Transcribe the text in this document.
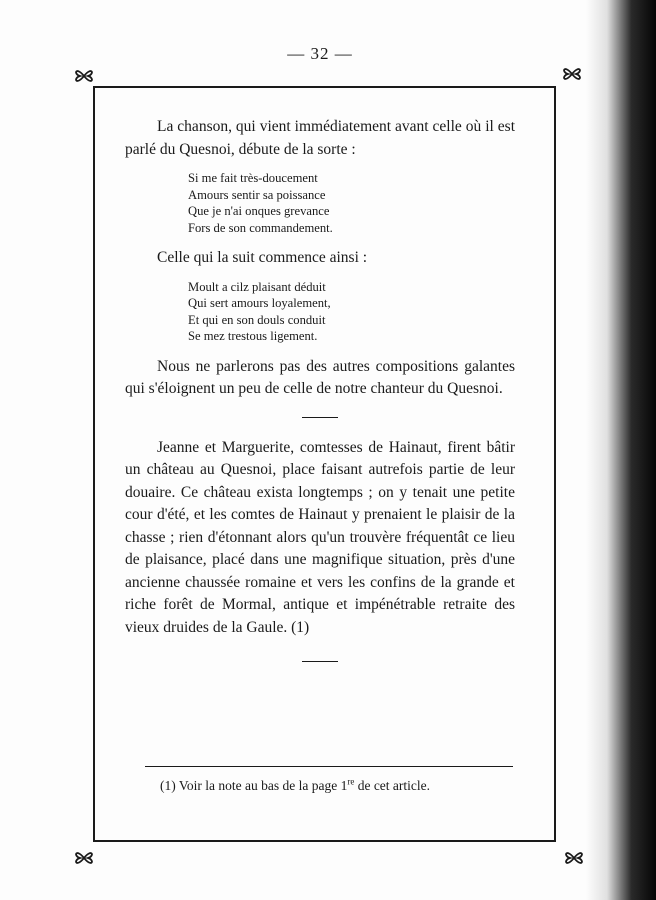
— 32 —

La chanson, qui vient immédiatement avant celle où il est parlé du Quesnoi, débute de la sorte :

Si me fait très-doucement
Amours sentir sa poissance
Que je n'ai onques grevance
Fors de son commandement.

Celle qui la suit commence ainsi :

Moult a cilz plaisant déduit
Qui sert amours loyalement,
Et qui en son douls conduit
Se mez trestous ligement.

Nous ne parlerons pas des autres compositions galantes qui s'éloignent un peu de celle de notre chanteur du Quesnoi.

Jeanne et Marguerite, comtesses de Hainaut, firent bâtir un château au Quesnoi, place faisant autrefois partie de leur douaire. Ce château exista longtemps ; on y tenait une petite cour d'été, et les comtes de Hainaut y prenaient le plaisir de la chasse ; rien d'étonnant alors qu'un trouvère fréquentât ce lieu de plaisance, placé dans une magnifique situation, près d'une ancienne chaussée romaine et vers les confins de la grande et riche forêt de Mormal, antique et impénétrable retraite des vieux druides de la Gaule. (1)

(1) Voir la note au bas de la page 1re de cet article.
